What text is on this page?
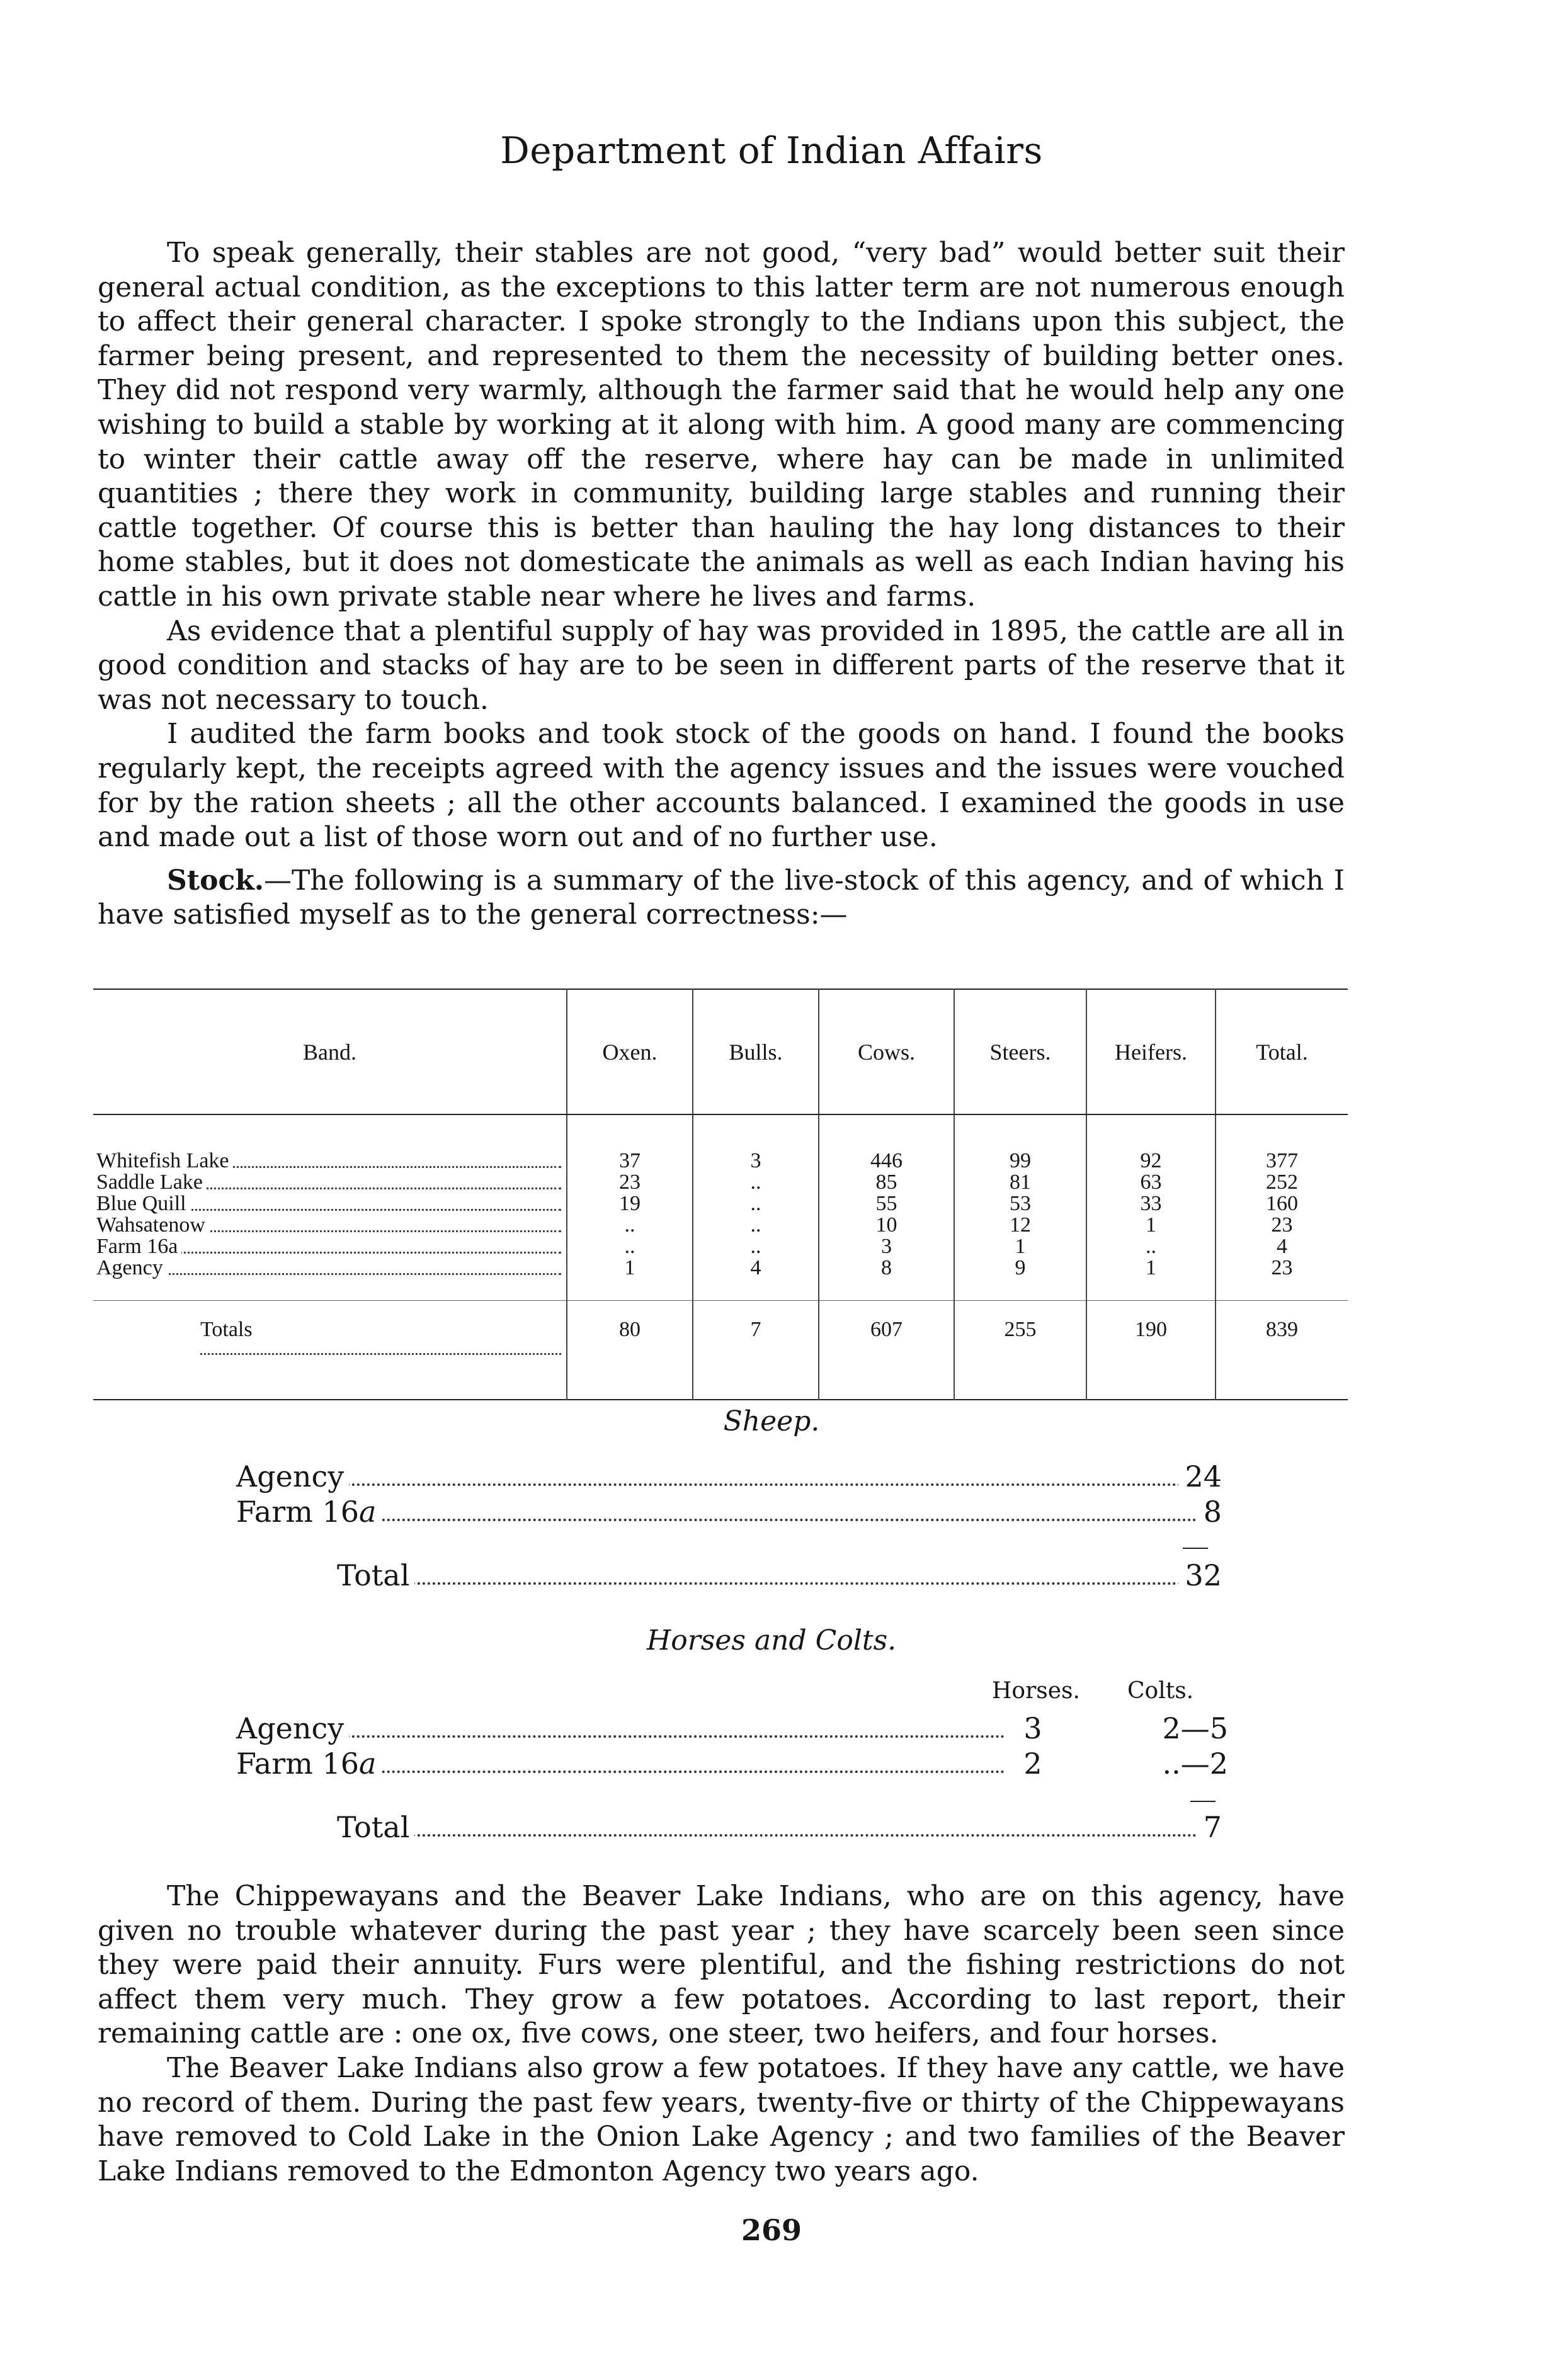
Department of Indian Affairs

To speak generally, their stables are not good, “very bad” would better suit their general actual condition, as the exceptions to this latter term are not numerous enough to affect their general character. I spoke strongly to the Indians upon this subject, the farmer being present, and represented to them the necessity of building better ones. They did not respond very warmly, although the farmer said that he would help any one wishing to build a stable by working at it along with him. A good many are commencing to winter their cattle away off the reserve, where hay can be made in unlimited quantities ; there they work in community, building large stables and running their cattle together. Of course this is better than hauling the hay long distances to their home stables, but it does not domesticate the animals as well as each Indian having his cattle in his own private stable near where he lives and farms.

As evidence that a plentiful supply of hay was provided in 1895, the cattle are all in good condition and stacks of hay are to be seen in different parts of the reserve that it was not necessary to touch.

I audited the farm books and took stock of the goods on hand. I found the books regularly kept, the receipts agreed with the agency issues and the issues were vouched for by the ration sheets ; all the other accounts balanced. I examined the goods in use and made out a list of those worn out and of no further use.

Stock.—The following is a summary of the live-stock of this agency, and of which I have satisfied myself as to the general correctness:—

Band.	Oxen.	Bulls.	Cows.	Steers.	Heifers.	Total.

Whitefish Lake	37	3	446	99	92	377
Saddle Lake	23	..	85	81	63	252
Blue Quill	19	..	55	53	33	160
Wahsatenow	..	..	10	12	1	23
Farm 16a	..	..	3	1	..	4
Agency	1	4	8	9	1	23

Totals	80	7	607	255	190	839

Sheep.
Agency	24
Farm 16a	8
Total	32
Horses and Colts.
Horses. Colts.
Agency	3	2—5
Farm 16a	2	..—2
Total	7

The Chippewayans and the Beaver Lake Indians, who are on this agency, have given no trouble whatever during the past year ; they have scarcely been seen since they were paid their annuity. Furs were plentiful, and the fishing restrictions do not affect them very much. They grow a few potatoes. According to last report, their remaining cattle are : one ox, five cows, one steer, two heifers, and four horses.

The Beaver Lake Indians also grow a few potatoes. If they have any cattle, we have no record of them. During the past few years, twenty-five or thirty of the Chippewayans have removed to Cold Lake in the Onion Lake Agency ; and two families of the Beaver Lake Indians removed to the Edmonton Agency two years ago.

269
